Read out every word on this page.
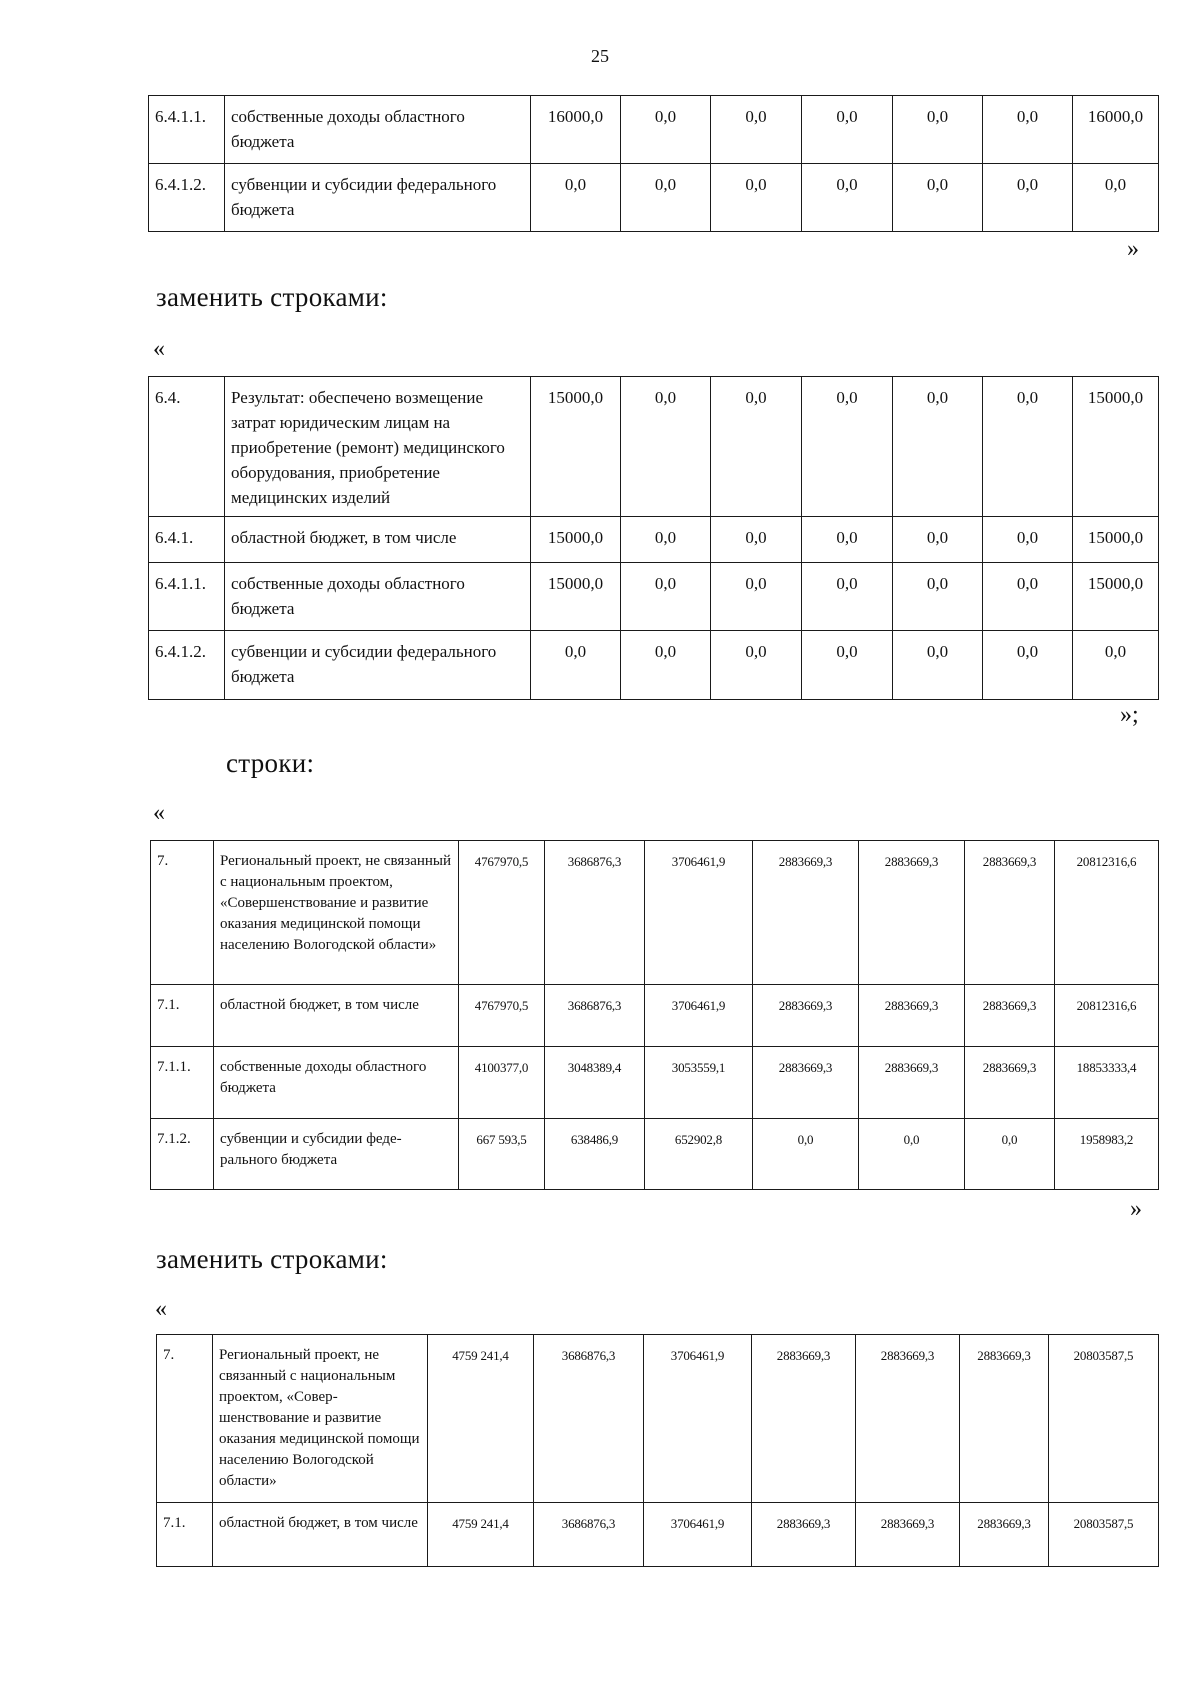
25
6.4.1.1.	собственные доходы областного бюджета	16000,0	0,0	0,0	0,0	0,0	0,0	16000,0
6.4.1.2.	субвенции и субсидии федерального бюджета	0,0	0,0	0,0	0,0	0,0	0,0	0,0
»
заменить строками:
«
6.4.	Результат: обеспечено возмещение затрат юридическим лицам на приобретение (ремонт) медицинского оборудования, приобретение медицинских изделий	15000,0	0,0	0,0	0,0	0,0	0,0	15000,0
6.4.1.	областной бюджет, в том числе	15000,0	0,0	0,0	0,0	0,0	0,0	15000,0
6.4.1.1.	собственные доходы областного бюджета	15000,0	0,0	0,0	0,0	0,0	0,0	15000,0
6.4.1.2.	субвенции и субсидии федерального бюджета	0,0	0,0	0,0	0,0	0,0	0,0	0,0
»;
строки:
«
7.	Региональный проект, не связанный с национальным проектом, «Совершенствование и развитие оказания медицинской помощи населению Вологодской области»	4767970,5	3686876,3	3706461,9	2883669,3	2883669,3	2883669,3	20812316,6
7.1.	областной бюджет, в том числе	4767970,5	3686876,3	3706461,9	2883669,3	2883669,3	2883669,3	20812316,6
7.1.1.	собственные доходы областного бюджета	4100377,0	3048389,4	3053559,1	2883669,3	2883669,3	2883669,3	18853333,4
7.1.2.	субвенции и субсидии федерального бюджета	667 593,5	638486,9	652902,8	0,0	0,0	0,0	1958983,2
»
заменить строками:
«
7.	Региональный проект, не связанный с национальным проектом, «Совершенствование и развитие оказания медицинской помощи населению Вологодской области»	4759 241,4	3686876,3	3706461,9	2883669,3	2883669,3	2883669,3	20803587,5
7.1.	областной бюджет, в том числе	4759 241,4	3686876,3	3706461,9	2883669,3	2883669,3	2883669,3	20803587,5
